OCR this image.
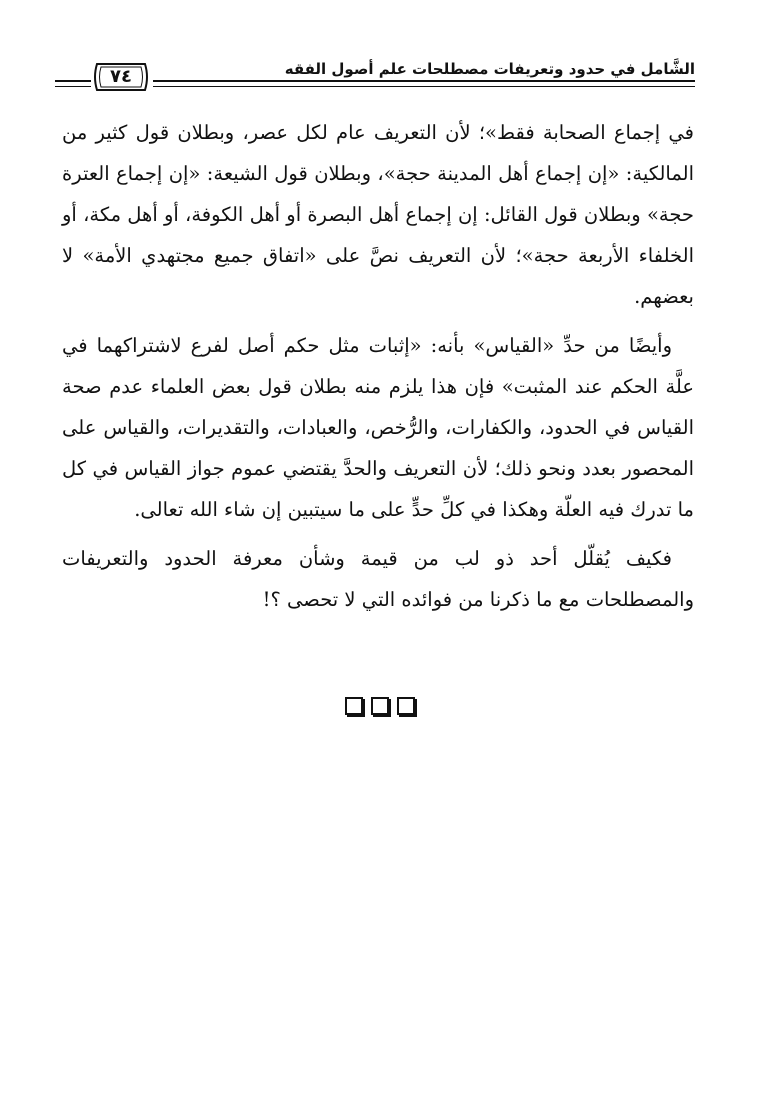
الشَّامل في حدود وتعريفات مصطلحات علم أصول الفقه
٧٤

في إجماع الصحابة فقط»؛ لأن التعريف عام لكل عصر، وبطلان قول كثير من المالكية: «إن إجماع أهل المدينة حجة»، وبطلان قول الشيعة: «إن إجماع العترة حجة» وبطلان قول القائل: إن إجماع أهل البصرة أو أهل الكوفة، أو أهل مكة، أو الخلفاء الأربعة حجة»؛ لأن التعريف نصَّ على «اتفاق جميع مجتهدي الأمة» لا بعضهم.

وأيضًا من حدِّ «القياس» بأنه: «إثبات مثل حكم أصل لفرع لاشتراكهما في علَّة الحكم عند المثبت» فإن هذا يلزم منه بطلان قول بعض العلماء عدم صحة القياس في الحدود، والكفارات، والرُّخص، والعبادات، والتقديرات، والقياس على المحصور بعدد ونحو ذلك؛ لأن التعريف والحدَّ يقتضي عموم جواز القياس في كل ما تدرك فيه العلّة وهكذا في كلِّ حدٍّ على ما سيتبين إن شاء الله تعالى.

فكيف يُقلّل أحد ذو لب من قيمة وشأن معرفة الحدود والتعريفات والمصطلحات مع ما ذكرنا من فوائده التي لا تحصى ؟!
